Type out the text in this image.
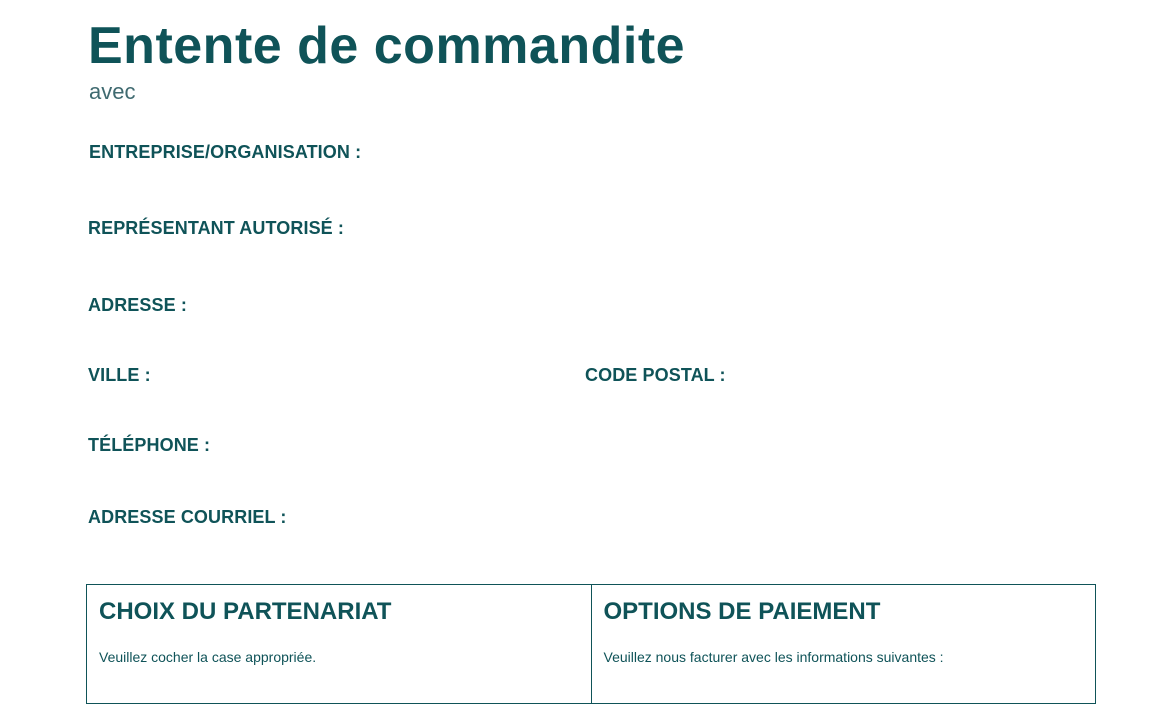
Entente de commandite
avec
ENTREPRISE/ORGANISATION :
REPRÉSENTANT AUTORISÉ :
ADRESSE :
VILLE :	CODE POSTAL :
TÉLÉPHONE :
ADRESSE COURRIEL :
CHOIX DU PARTENARIAT
Veuillez cocher la case appropriée.
OPTIONS DE PAIEMENT
Veuillez nous facturer avec les informations suivantes :
